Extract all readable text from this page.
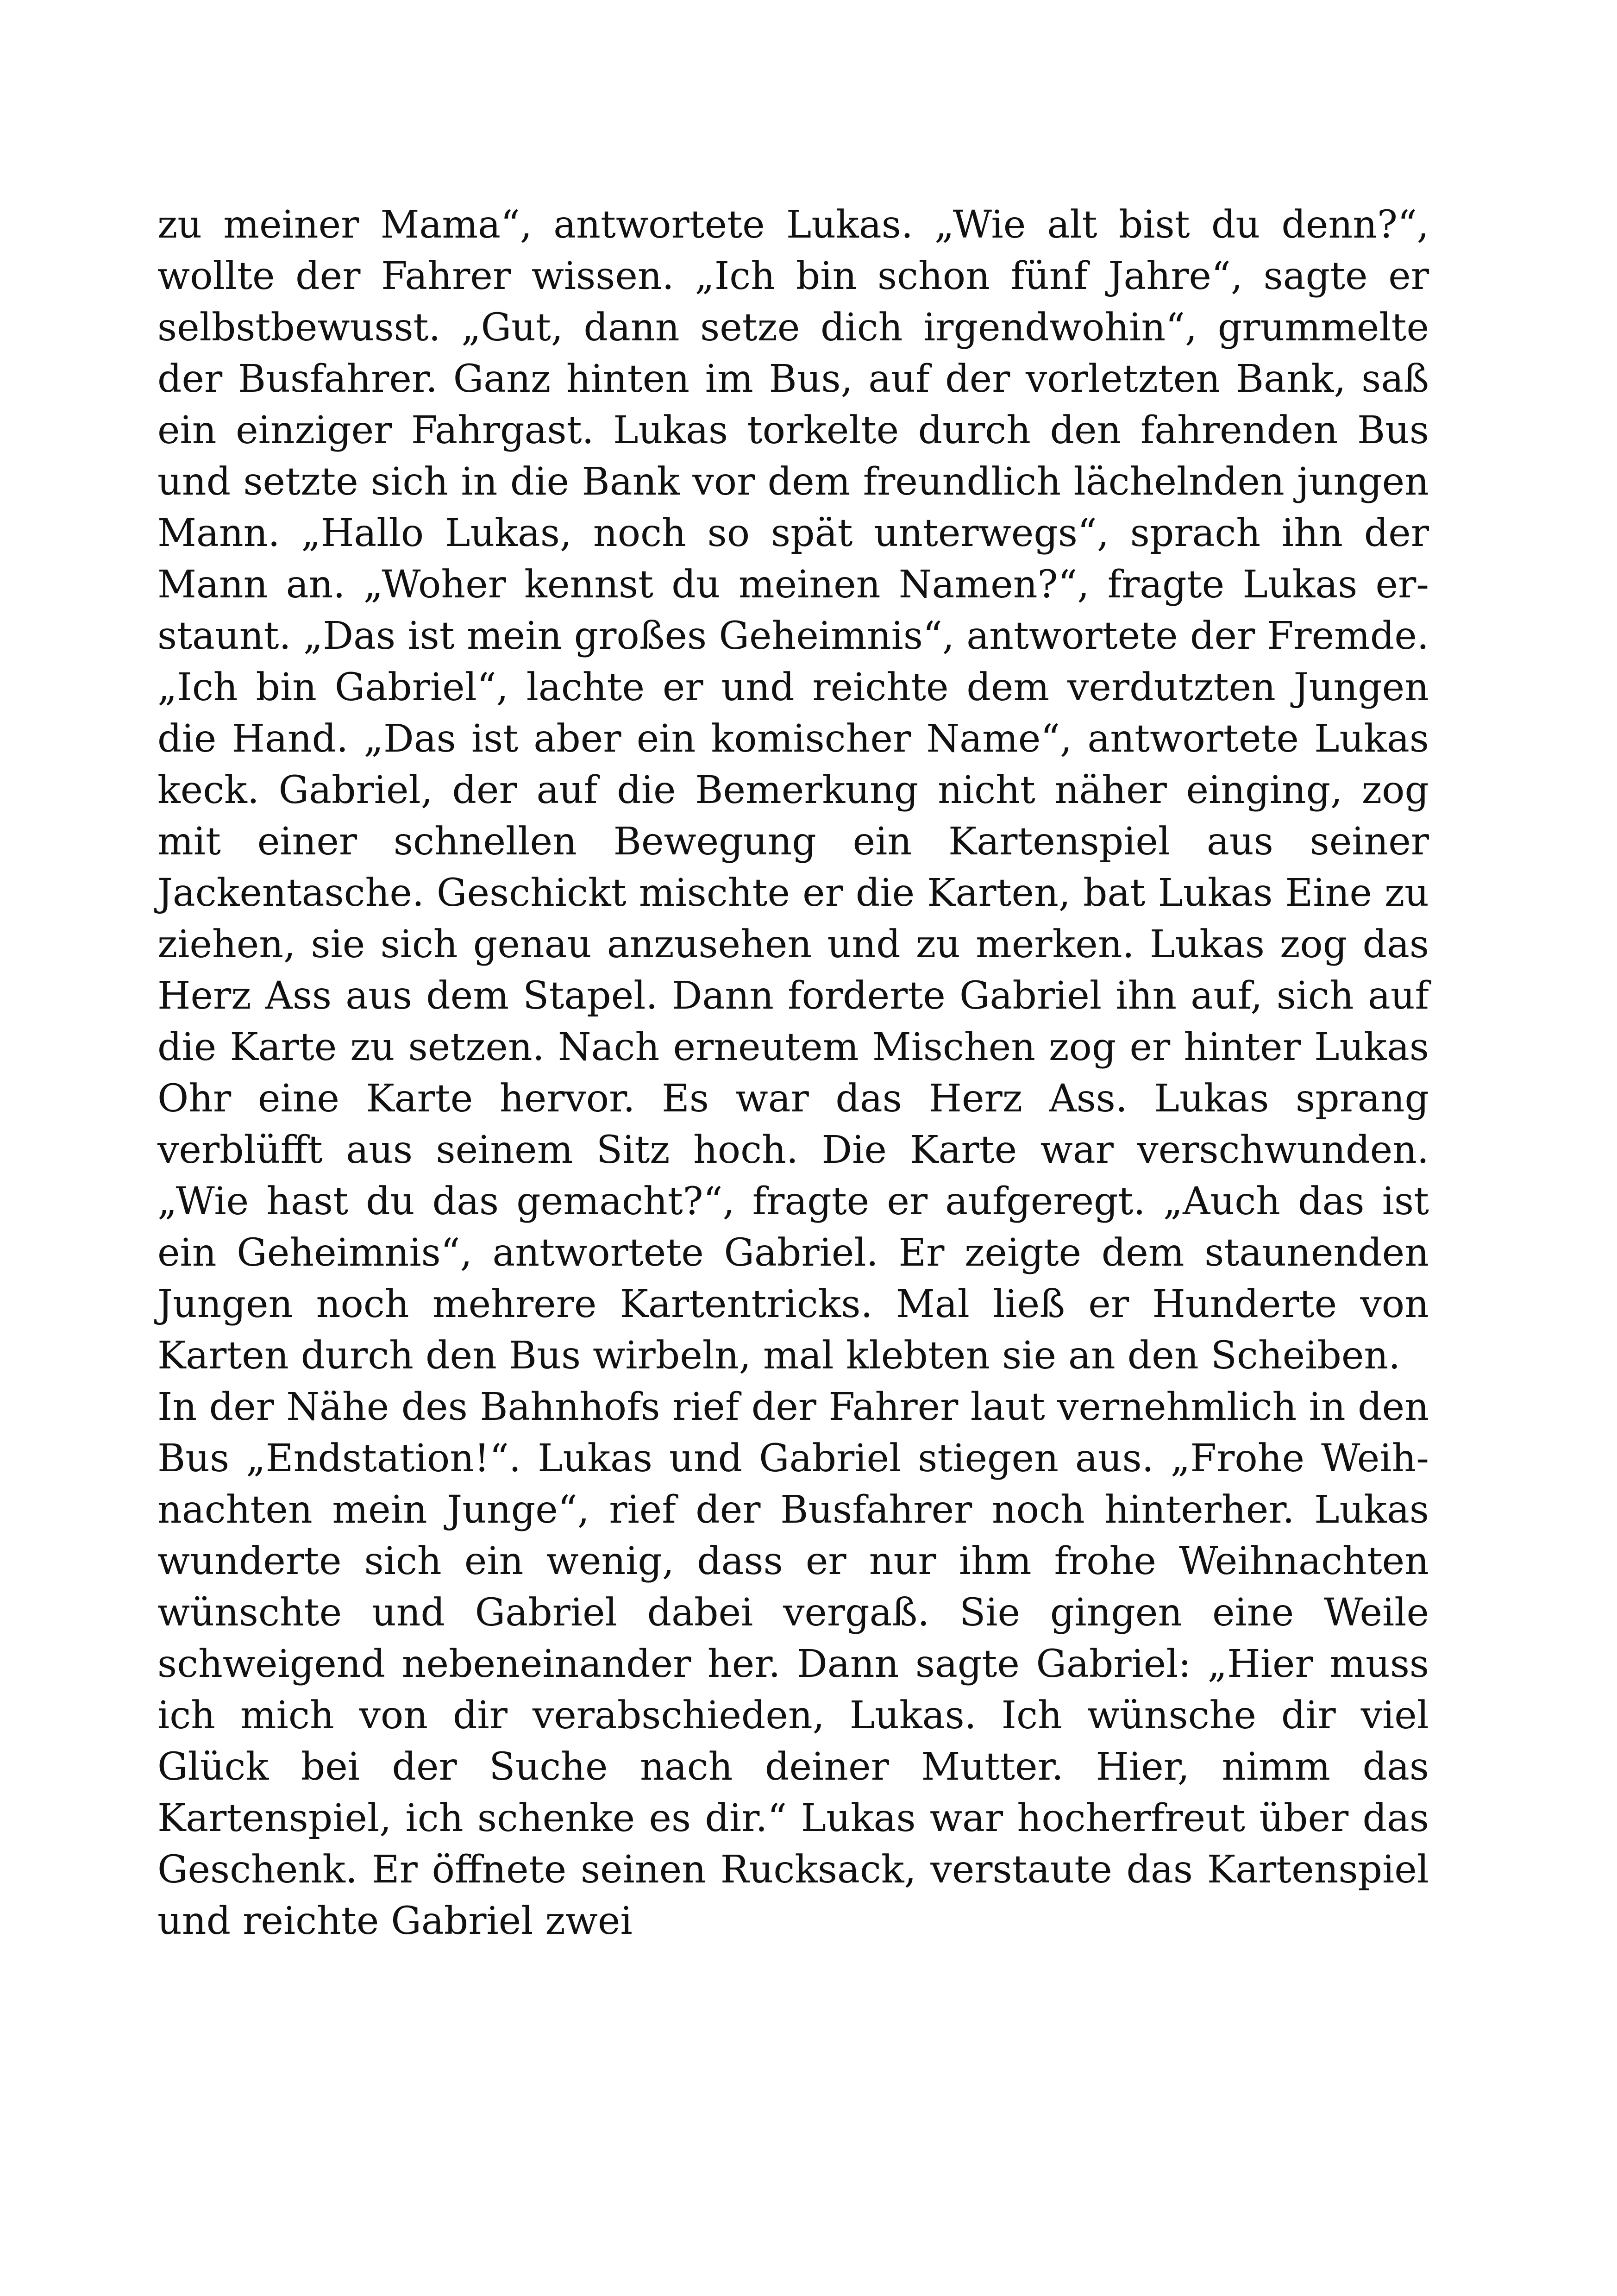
zu meiner Mama“, antwortete Lukas. „Wie alt bist du denn?“, wollte der Fahrer wissen. „Ich bin schon fünf Jahre“, sagte er selbstbewusst. „Gut, dann setze dich irgendwohin“, grummelte der Busfahrer. Ganz hinten im Bus, auf der vorletzten Bank, saß ein einziger Fahrgast. Lukas torkelte durch den fahrenden Bus und setzte sich in die Bank vor dem freundlich lächelnden jungen Mann. „Hallo Lukas, noch so spät unterwegs“, sprach ihn der Mann an. „Woher kennst du meinen Namen?“, fragte Lukas erstaunt. „Das ist mein großes Geheimnis“, antwortete der Fremde. „Ich bin Gabriel“, lachte er und reichte dem verdutzten Jungen die Hand. „Das ist aber ein komischer Name“, antwortete Lukas keck. Gabriel, der auf die Bemerkung nicht näher einging, zog mit einer schnellen Bewegung ein Kartenspiel aus seiner Jackentasche. Geschickt mischte er die Karten, bat Lukas Eine zu ziehen, sie sich genau anzusehen und zu merken. Lukas zog das Herz Ass aus dem Stapel. Dann forderte Gabriel ihn auf, sich auf die Karte zu setzen. Nach erneutem Mischen zog er hinter Lukas Ohr eine Karte hervor. Es war das Herz Ass. Lukas sprang verblüfft aus seinem Sitz hoch. Die Karte war verschwunden. „Wie hast du das gemacht?“, fragte er aufgeregt. „Auch das ist ein Geheimnis“, antwortete Gabriel. Er zeigte dem staunenden Jungen noch mehrere Kartentricks. Mal ließ er Hunderte von Karten durch den Bus wirbeln, mal klebten sie an den Scheiben.

In der Nähe des Bahnhofs rief der Fahrer laut vernehmlich in den Bus „Endstation!“. Lukas und Gabriel stiegen aus. „Frohe Weihnachten mein Junge“, rief der Busfahrer noch hinterher. Lukas wunderte sich ein wenig, dass er nur ihm frohe Weihnachten wünschte und Gabriel dabei vergaß. Sie gingen eine Weile schweigend nebeneinander her. Dann sagte Gabriel: „Hier muss ich mich von dir verabschieden, Lukas. Ich wünsche dir viel Glück bei der Suche nach deiner Mutter. Hier, nimm das Kartenspiel, ich schenke es dir.“ Lukas war hocherfreut über das Geschenk. Er öffnete seinen Rucksack, verstaute das Kartenspiel und reichte Gabriel zwei
